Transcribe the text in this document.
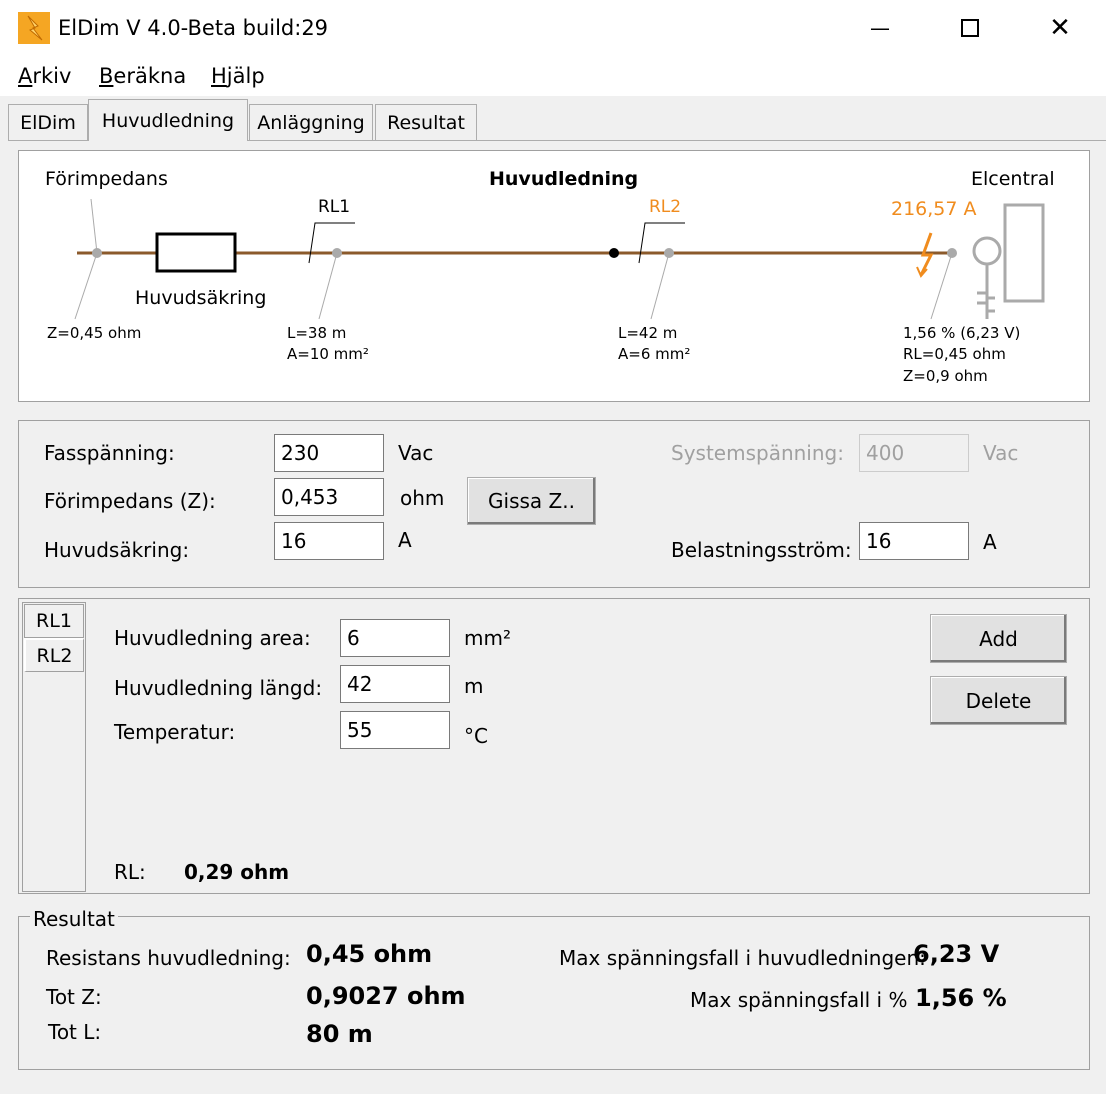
ElDim V 4.0-Beta build:29	—	✕
Arkiv Beräkna Hjälp
ElDim	Huvudledning	Anläggning	Resultat
Förimpedans	Huvudledning	Elcentral
RL1	RL2	216,57 A
Huvudsäkring
Z=0,45 ohm	L=38 m
A=10 mm²
L=42 m
A=6 mm²
1,56 % (6,23 V)
RL=0,45 ohm
Z=0,9 ohm
Fasspänning:
230	Vac
Förimpedans (Z):
0,453	ohm
Huvudsäkring:
16	A
Gissa Z..
Systemspänning:
400	Vac
Belastningsström:
16	A
RL1
RL2
Huvudledning area:
6	mm²
Huvudledning längd:
42	m
Temperatur:
55	°C
Add
Delete
RL: 0,29 ohm
Resultat
Resistans huvudledning: 0,45 ohm
Tot Z:	0,9027 ohm
Tot L:	80 m
Max spänningsfall i huvudledningen:
6,23 V
Max spänningsfall i % 1,56 %
